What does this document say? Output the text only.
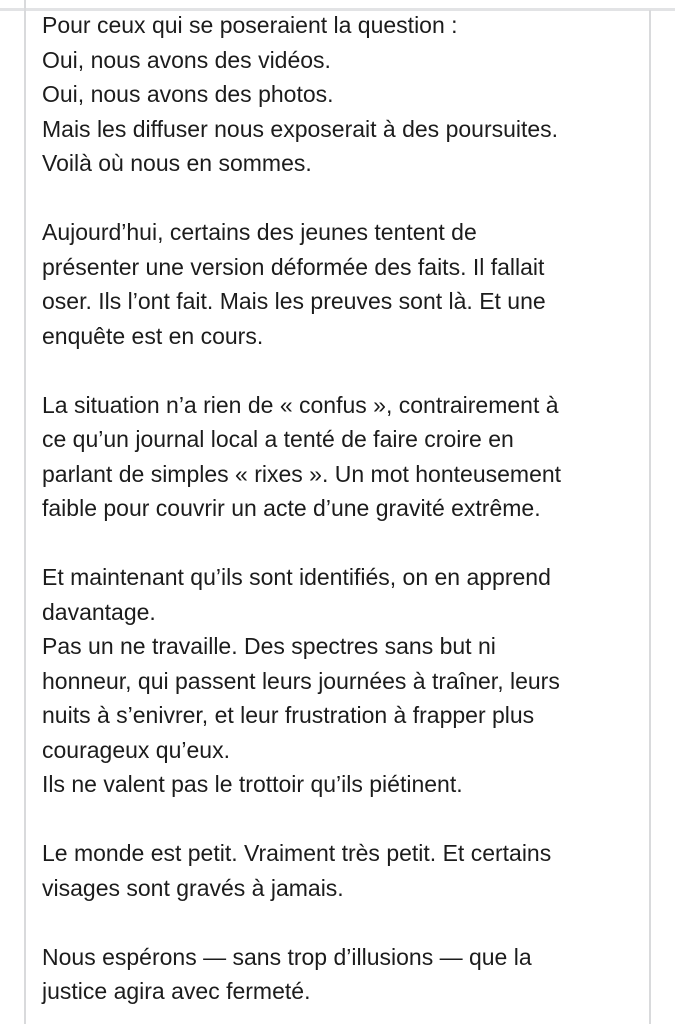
Pour ceux qui se poseraient la question :
Oui, nous avons des vidéos.
Oui, nous avons des photos.
Mais les diffuser nous exposerait à des poursuites.
Voilà où nous en sommes.

Aujourd’hui, certains des jeunes tentent de
présenter une version déformée des faits. Il fallait
oser. Ils l’ont fait. Mais les preuves sont là. Et une
enquête est en cours.

La situation n’a rien de « confus », contrairement à
ce qu’un journal local a tenté de faire croire en
parlant de simples « rixes ». Un mot honteusement
faible pour couvrir un acte d’une gravité extrême.

Et maintenant qu’ils sont identifiés, on en apprend
davantage.
Pas un ne travaille. Des spectres sans but ni
honneur, qui passent leurs journées à traîner, leurs
nuits à s’enivrer, et leur frustration à frapper plus
courageux qu’eux.
Ils ne valent pas le trottoir qu’ils piétinent.

Le monde est petit. Vraiment très petit. Et certains
visages sont gravés à jamais.

Nous espérons — sans trop d’illusions — que la
justice agira avec fermeté.
